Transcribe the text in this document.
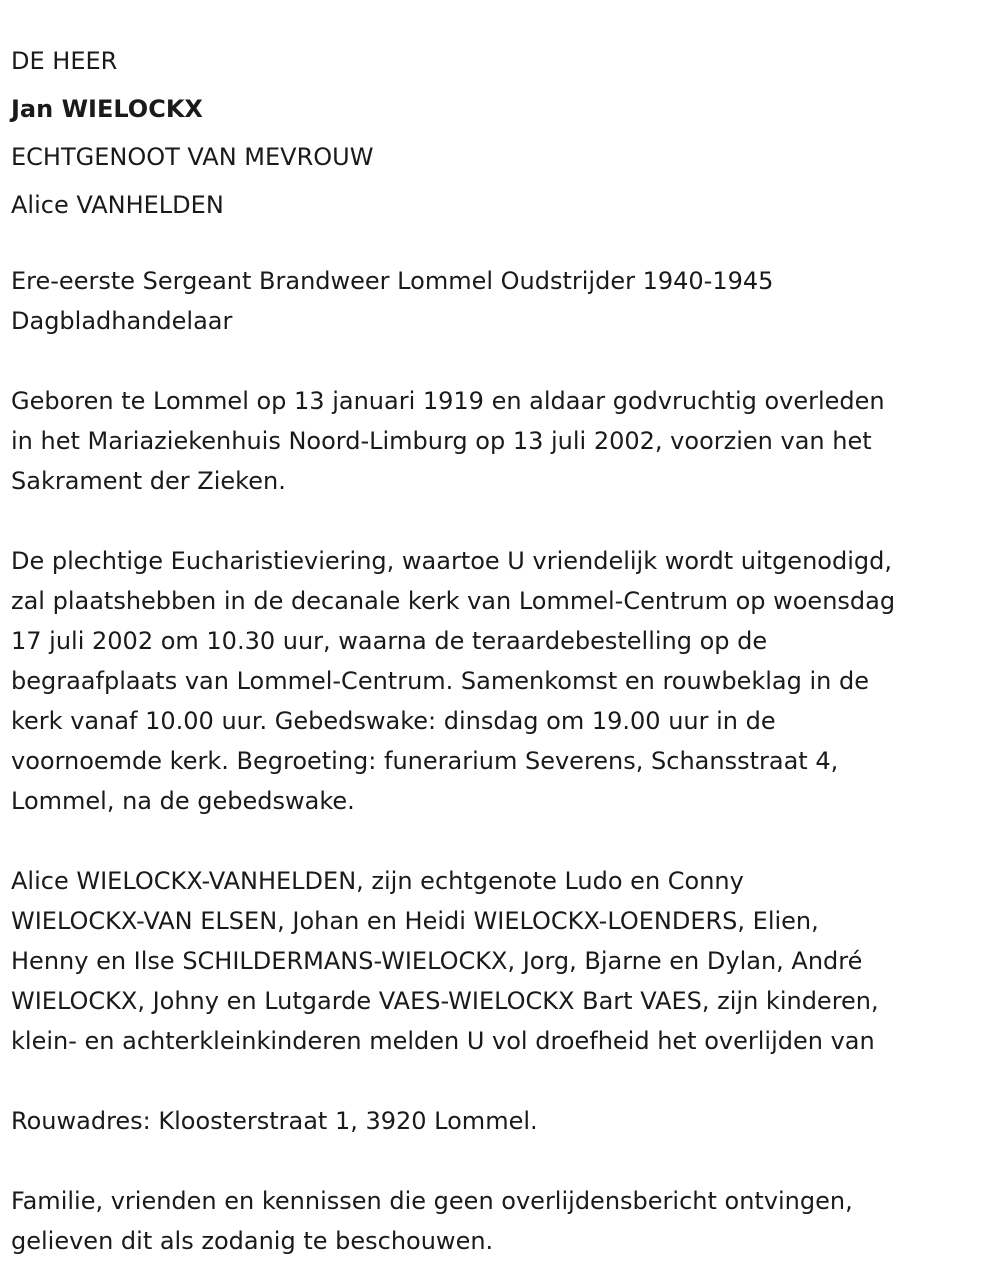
DE HEER
Jan WIELOCKX
ECHTGENOOT VAN MEVROUW
Alice VANHELDEN
Ere-eerste Sergeant Brandweer Lommel Oudstrijder 1940-1945
Dagbladhandelaar
Geboren te Lommel op 13 januari 1919 en aldaar godvruchtig overleden
in het Mariaziekenhuis Noord-Limburg op 13 juli 2002, voorzien van het
Sakrament der Zieken.
De plechtige Eucharistieviering, waartoe U vriendelijk wordt uitgenodigd,
zal plaatshebben in de decanale kerk van Lommel-Centrum op woensdag
17 juli 2002 om 10.30 uur, waarna de teraardebestelling op de
begraafplaats van Lommel-Centrum. Samenkomst en rouwbeklag in de
kerk vanaf 10.00 uur. Gebedswake: dinsdag om 19.00 uur in de
voornoemde kerk. Begroeting: funerarium Severens, Schansstraat 4,
Lommel, na de gebedswake.
Alice WIELOCKX-VANHELDEN, zijn echtgenote Ludo en Conny
WIELOCKX-VAN ELSEN, Johan en Heidi WIELOCKX-LOENDERS, Elien,
Henny en Ilse SCHILDERMANS-WIELOCKX, Jorg, Bjarne en Dylan, André
WIELOCKX, Johny en Lutgarde VAES-WIELOCKX Bart VAES, zijn kinderen,
klein- en achterkleinkinderen melden U vol droefheid het overlijden van
Rouwadres: Kloosterstraat 1, 3920 Lommel.
Familie, vrienden en kennissen die geen overlijdensbericht ontvingen,
gelieven dit als zodanig te beschouwen.
